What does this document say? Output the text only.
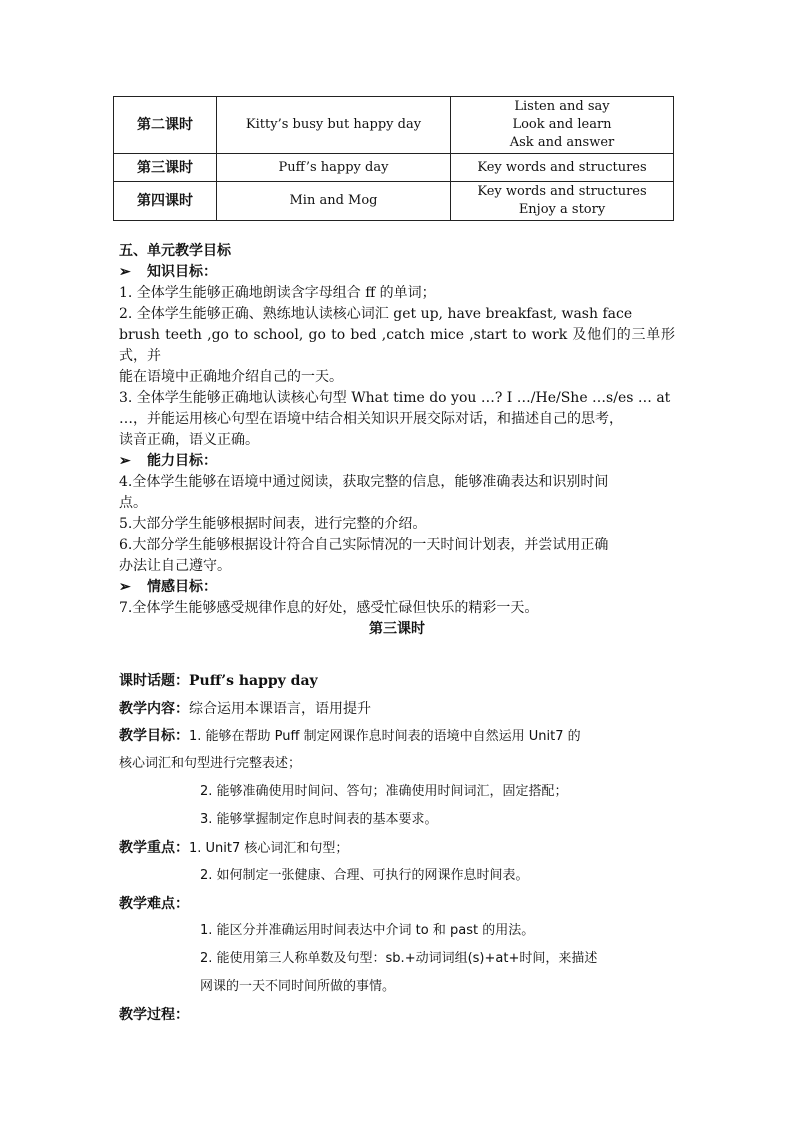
第二课时	Kitty’s busy but happy day	Listen and say
Look and learn
Ask and answer

第三课时	Puff’s happy day	Key words and structures

第四课时	Min and Mog	Key words and structures
Enjoy a story
五、单元教学目标
➢ 知识目标：
1. 全体学生能够正确地朗读含字母组合 ff 的单词；
2. 全体学生能够正确、熟练地认读核心词汇 get up, have breakfast, wash face
brush teeth ,go to school, go to bed ,catch mice ,start to work 及他们的三单形式，并
能在语境中正确地介绍自己的一天。
3. 全体学生能够正确地认读核心句型 What time do you …? I …/He/She …s/es … at
…，并能运用核心句型在语境中结合相关知识开展交际对话，和描述自己的思考，
读音正确，语义正确。
➢ 能力目标：
4.全体学生能够在语境中通过阅读，获取完整的信息，能够准确表达和识别时间
点。
5.大部分学生能够根据时间表，进行完整的介绍。
6.大部分学生能够根据设计符合自己实际情况的一天时间计划表，并尝试用正确
办法让自己遵守。
➢ 情感目标：
7.全体学生能够感受规律作息的好处，感受忙碌但快乐的精彩一天。
第三课时
课时话题：Puff’s happy day
教学内容：综合运用本课语言，语用提升
教学目标：1. 能够在帮助 Puff 制定网课作息时间表的语境中自然运用 Unit7 的
核心词汇和句型进行完整表述；
2. 能够准确使用时间问、答句；准确使用时间词汇，固定搭配；
3. 能够掌握制定作息时间表的基本要求。
教学重点：1. Unit7 核心词汇和句型；
2. 如何制定一张健康、合理、可执行的网课作息时间表。
教学难点：
1. 能区分并准确运用时间表达中介词 to 和 past 的用法。
2. 能使用第三人称单数及句型：sb.+动词词组(s)+at+时间，来描述
网课的一天不同时间所做的事情。
教学过程：
